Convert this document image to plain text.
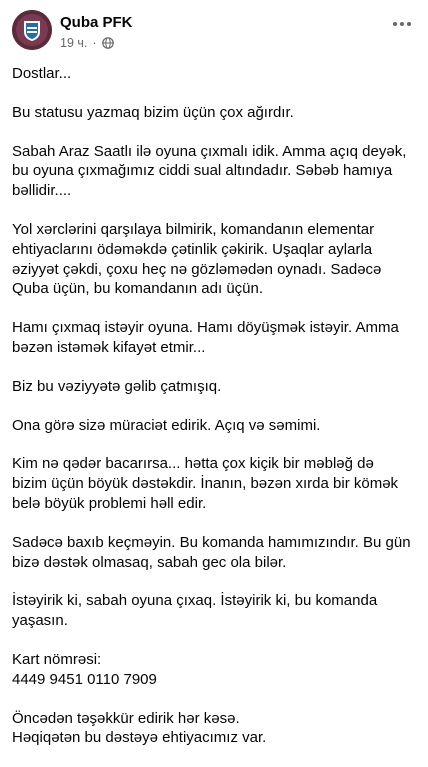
Quba PFK
19 ч. ·

Dostlar...

Bu statusu yazmaq bizim üçün çox ağırdır.

Sabah Araz Saatlı ilə oyuna çıxmalı idik. Amma açıq deyək,
bu oyuna çıxmağımız ciddi sual altındadır. Səbəb hamıya
bəllidir....

Yol xərclərini qarşılaya bilmirik, komandanın elementar
ehtiyaclarını ödəməkdə çətinlik çəkirik. Uşaqlar aylarla
əziyyət çəkdi, çoxu heç nə gözləmədən oynadı. Sadəcə
Quba üçün, bu komandanın adı üçün.

Hamı çıxmaq istəyir oyuna. Hamı döyüşmək istəyir. Amma
bəzən istəmək kifayət etmir...

Biz bu vəziyyətə gəlib çatmışıq.

Ona görə sizə müraciət edirik. Açıq və səmimi.

Kim nə qədər bacarırsa... hətta çox kiçik bir məbləğ də
bizim üçün böyük dəstəkdir. İnanın, bəzən xırda bir kömək
belə böyük problemi həll edir.

Sadəcə baxıb keçməyin. Bu komanda hamımızındır. Bu gün
bizə dəstək olmasaq, sabah gec ola bilər.

İstəyirik ki, sabah oyuna çıxaq. İstəyirik ki, bu komanda
yaşasın.

Kart nömrəsi:
4449 9451 0110 7909

Öncədən təşəkkür edirik hər kəsə.
Həqiqətən bu dəstəyə ehtiyacımız var.
